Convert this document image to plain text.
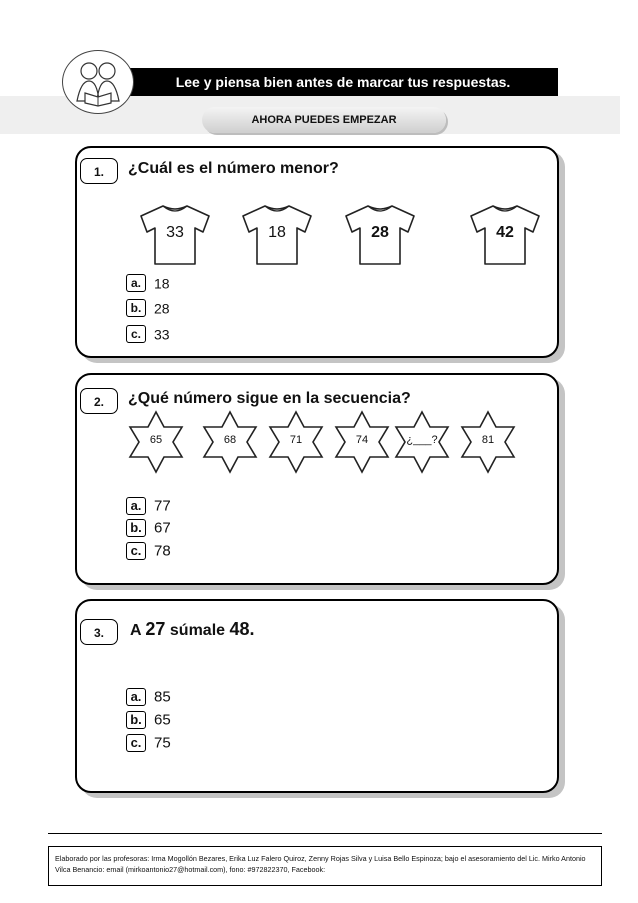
Lee y piensa bien antes de marcar tus respuestas.
AHORA PUEDES EMPEZAR
1.	¿Cuál es el número menor?
33	18	28	42
a. 18
b. 28
c. 33
2.	¿Qué número sigue en la secuencia?
65	68	71	74	¿___?	81
a. 77
b. 67
c. 78
3.	A 27 súmale 48.
a. 85
b. 65
c. 75
Elaborado por las profesoras: Irma Mogollón Bezares, Erika Luz Falero Quiroz, Zenny Rojas Silva y Luisa Bello Espinoza; bajo el asesoramiento del Lic. Mirko Antonio Vilca Benancio: email (mirkoantonio27@hotmail.com), fono: #972822370, Facebook:
